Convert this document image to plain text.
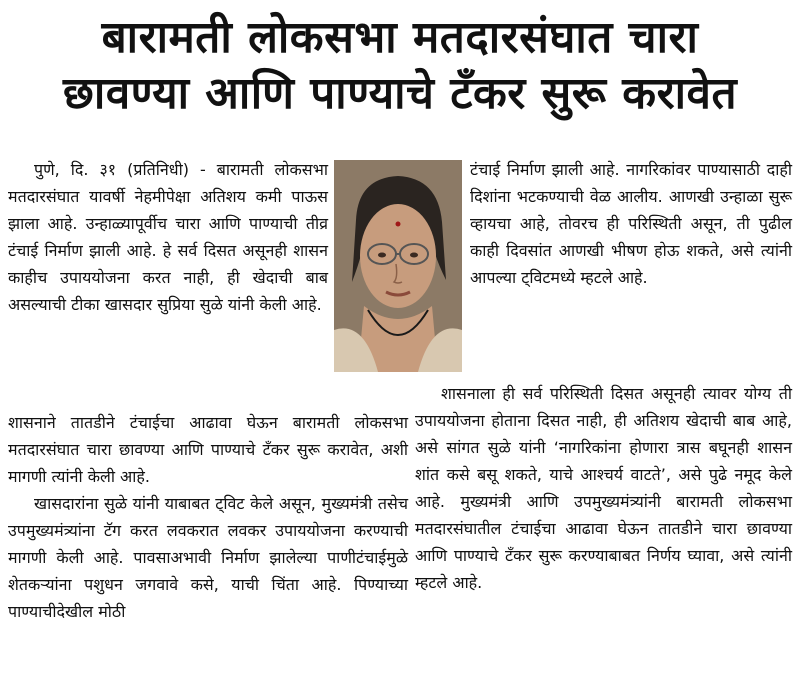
बारामती लोकसभा मतदारसंघात चारा
छावण्या आणि पाण्याचे टँकर सुरू करावेत

पुणे, दि. ३१ (प्रतिनिधी) - बारामती लोकसभा मतदारसंघात यावर्षी नेहमीपेक्षा अतिशय कमी पाऊस झाला आहे. उन्हाळ्यापूर्वीच चारा आणि पाण्याची तीव्र टंचाई निर्माण झाली आहे. हे सर्व दिसत असूनही शासन काहीच उपाययोजना करत नाही, ही खेदाची बाब असल्याची टीका खासदार सुप्रिया सुळे यांनी केली आहे.

शासनाने तातडीने टंचाईचा आढावा घेऊन बारामती लोकसभा मतदारसंघात चारा छावण्या आणि पाण्याचे टँकर सुरू करावेत, अशी मागणी त्यांनी केली आहे.

खासदारांना सुळे यांनी याबाबत ट्विट केले असून, मुख्यमंत्री तसेच उपमुख्यमंत्र्यांना टॅग करत लवकरात लवकर उपाययोजना करण्याची मागणी केली आहे. पावसाअभावी निर्माण झालेल्या पाणीटंचाईमुळे शेतकऱ्यांना पशुधन जगवावे कसे, याची चिंता आहे. पिण्याच्या पाण्याचीदेखील मोठी

टंचाई निर्माण झाली आहे. नागरिकांवर पाण्यासाठी दाही दिशांना भटकण्याची वेळ आलीय. आणखी उन्हाळा सुरू व्हायचा आहे, तोवरच ही परिस्थिती असून, ती पुढील काही दिवसांत आणखी भीषण होऊ शकते, असे त्यांनी आपल्या ट्विटमध्ये म्हटले आहे.

शासनाला ही सर्व परिस्थिती दिसत असूनही त्यावर योग्य ती उपाययोजना होताना दिसत नाही, ही अतिशय खेदाची बाब आहे, असे सांगत सुळे यांनी ‘नागरिकांना होणारा त्रास बघूनही शासन शांत कसे बसू शकते, याचे आश्चर्य वाटते’, असे पुढे नमूद केले आहे. मुख्यमंत्री आणि उपमुख्यमंत्र्यांनी बारामती लोकसभा मतदारसंघातील टंचाईचा आढावा घेऊन तातडीने चारा छावण्या आणि पाण्याचे टँकर सुरू करण्याबाबत निर्णय घ्यावा, असे त्यांनी म्हटले आहे.
